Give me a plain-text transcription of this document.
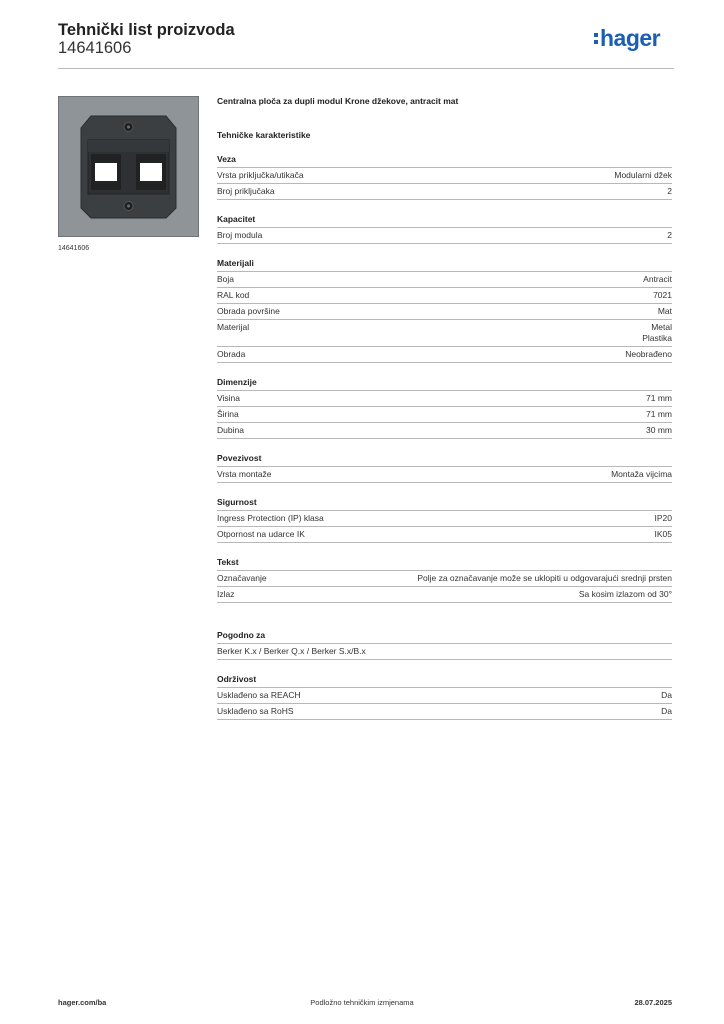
Tehnički list proizvoda
14641606	hager
14641606
Centralna ploča za dupli modul Krone džekove, antracit mat
Tehničke karakteristike
Veza
Vrsta priključka/utikača	Modularni džek
Broj priključaka	2
Kapacitet
Broj modula	2
Materijali
Boja	Antracit
RAL kod	7021
Obrada površine	Mat
Materijal	Metal
Plastika
Obrada	Neobrađeno
Dimenzije
Visina	71 mm
Širina	71 mm
Dubina	30 mm
Povezivost
Vrsta montaže	Montaža vijcima
Sigurnost
Ingress Protection (IP) klasa	IP20
Otpornost na udarce IK	IK05
Tekst
Označavanje	Polje za označavanje može se uklopiti u odgovarajući srednji prsten
Izlaz	Sa kosim izlazom od 30°
Pogodno za
Berker K.x / Berker Q.x / Berker S.x/B.x
Održivost
Usklađeno sa REACH	Da
Usklađeno sa RoHS	Da
hager.com/ba	Podložno tehničkim izmjenama	28.07.2025
